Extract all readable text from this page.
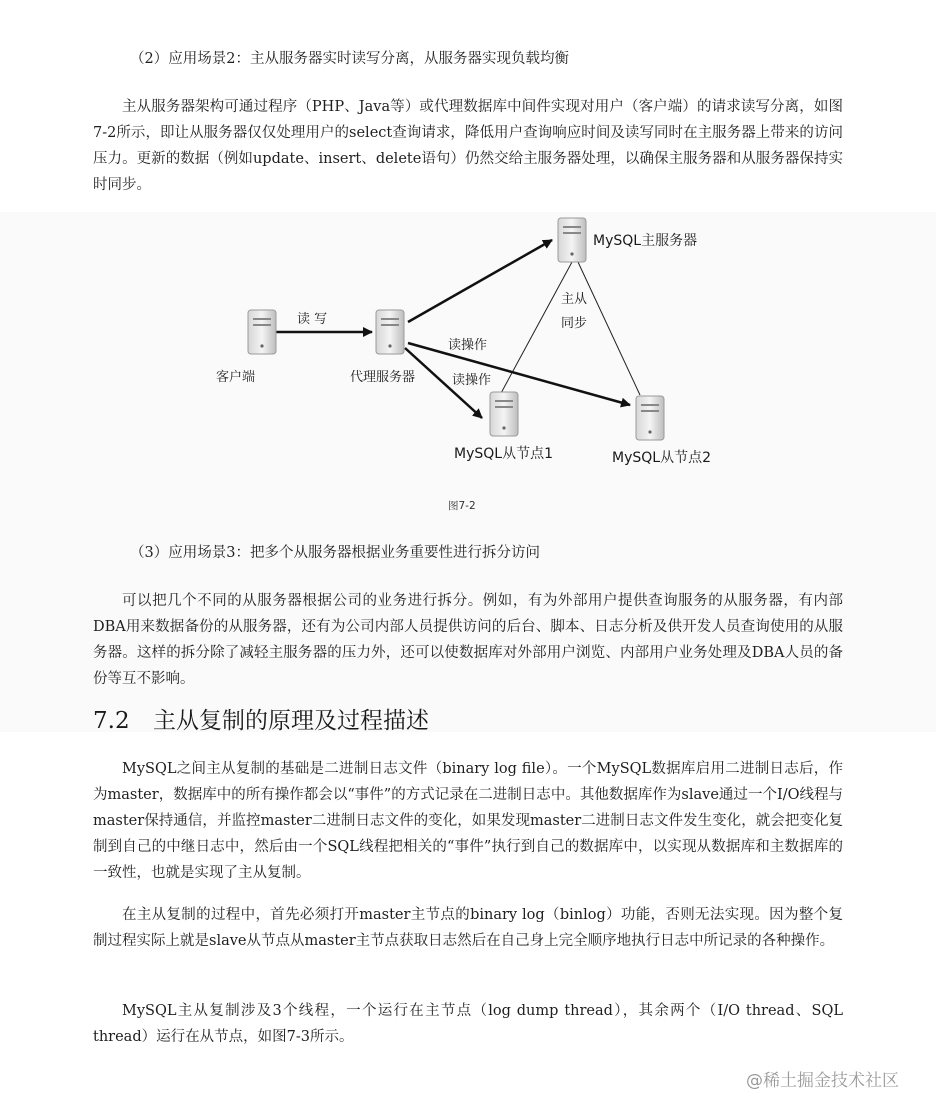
（2）应用场景2：主从服务器实时读写分离，从服务器实现负载均衡

主从服务器架构可通过程序（PHP、Java等）或代理数据库中间件实现对用户（客户端）的请求读写分离，如图7-2所示，即让从服务器仅仅处理用户的select查询请求，降低用户查询响应时间及读写同时在主服务器上带来的访问压力。更新的数据（例如update、insert、delete语句）仍然交给主服务器处理，以确保主服务器和从服务器保持实时同步。

客户端	代理服务器
MySQL主服务器
MySQL从节点1	MySQL从节点2
读 写
读操作
读操作
主从
同步
图7-2
（3）应用场景3：把多个从服务器根据业务重要性进行拆分访问

可以把几个不同的从服务器根据公司的业务进行拆分。例如，有为外部用户提供查询服务的从服务器，有内部DBA用来数据备份的从服务器，还有为公司内部人员提供访问的后台、脚本、日志分析及供开发人员查询使用的从服务器。这样的拆分除了减轻主服务器的压力外，还可以使数据库对外部用户浏览、内部用户业务处理及DBA人员的备份等互不影响。

7.2 主从复制的原理及过程描述

MySQL之间主从复制的基础是二进制日志文件（binary log file）。一个MySQL数据库启用二进制日志后，作为master，数据库中的所有操作都会以“事件”的方式记录在二进制日志中。其他数据库作为slave通过一个I/O线程与master保持通信，并监控master二进制日志文件的变化，如果发现master二进制日志文件发生变化，就会把变化复制到自己的中继日志中，然后由一个SQL线程把相关的“事件”执行到自己的数据库中，以实现从数据库和主数据库的一致性，也就是实现了主从复制。

在主从复制的过程中，首先必须打开master主节点的binary log（binlog）功能，否则无法实现。因为整个复制过程实际上就是slave从节点从master主节点获取日志然后在自己身上完全顺序地执行日志中所记录的各种操作。

MySQL主从复制涉及3个线程，一个运行在主节点（log dump thread），其余两个（I/O thread、SQL thread）运行在从节点，如图7-3所示。

@稀土掘金技术社区
